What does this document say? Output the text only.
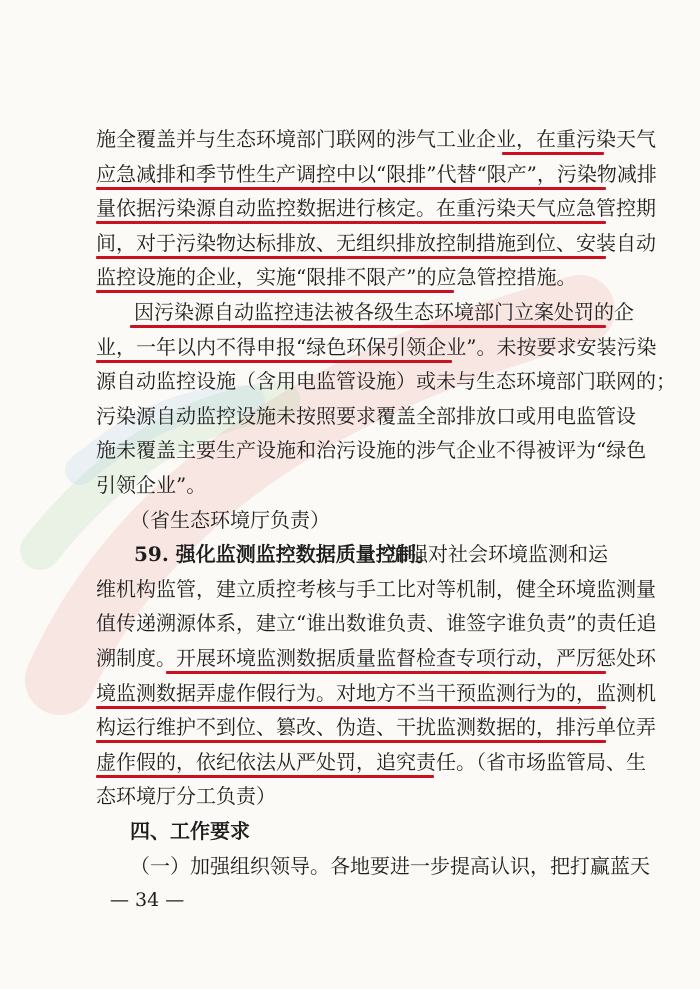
施全覆盖并与生态环境部门联网的涉气工业企业，在重污染天气
应急减排和季节性生产调控中以“限排”代替“限产”，污染物减排
量依据污染源自动监控数据进行核定。在重污染天气应急管控期
间，对于污染物达标排放、无组织排放控制措施到位、安装自动
监控设施的企业，实施“限排不限产”的应急管控措施。
因污染源自动监控违法被各级生态环境部门立案处罚的企
业，一年以内不得申报“绿色环保引领企业”。未按要求安装污染
源自动监控设施（含用电监管设施）或未与生态环境部门联网的；
污染源自动监控设施未按照要求覆盖全部排放口或用电监管设
施未覆盖主要生产设施和治污设施的涉气企业不得被评为“绿色
引领企业”。
（省生态环境厅负责）
59. 强化监测监控数据质量控制。
加强对社会环境监测和运
维机构监管，建立质控考核与手工比对等机制，健全环境监测量
值传递溯源体系，建立“谁出数谁负责、谁签字谁负责”的责任追
溯制度。开展环境监测数据质量监督检查专项行动，严厉惩处环
境监测数据弄虚作假行为。对地方不当干预监测行为的，监测机
构运行维护不到位、篡改、伪造、干扰监测数据的，排污单位弄
虚作假的，依纪依法从严处罚，追究责任。（省市场监管局、生
态环境厅分工负责）
四、工作要求
（一）加强组织领导。各地要进一步提高认识，把打赢蓝天
— 34 —
